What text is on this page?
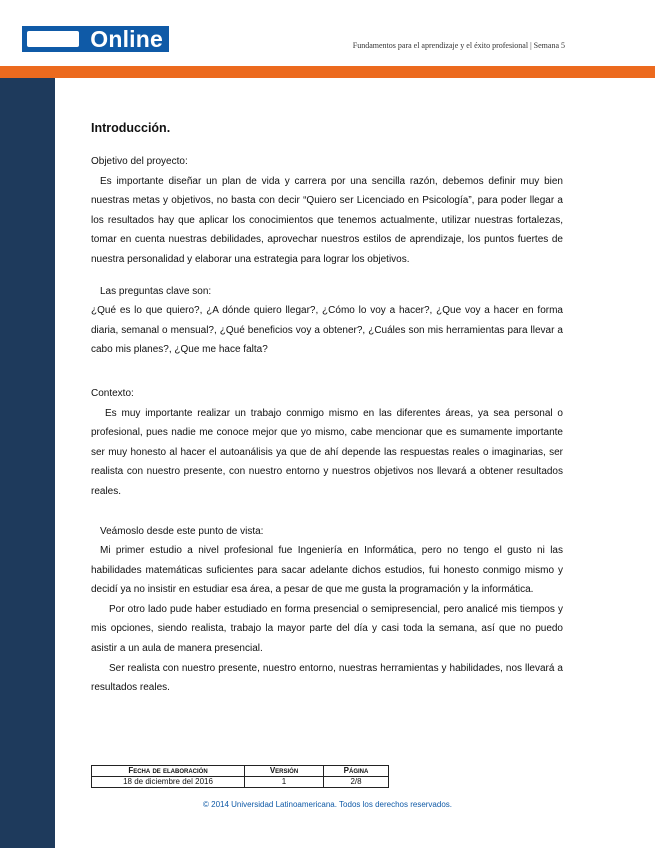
Online	Fundamentos para el aprendizaje y el éxito profesional | Semana 5
Introducción.

Objetivo del proyecto:

Es importante diseñar un plan de vida y carrera por una sencilla razón, debemos definir muy bien nuestras metas y objetivos, no basta con decir “Quiero ser Licenciado en Psicología”, para poder llegar a los resultados hay que aplicar los conocimientos que tenemos actualmente, utilizar nuestras fortalezas, tomar en cuenta nuestras debilidades, aprovechar nuestros estilos de aprendizaje, los puntos fuertes de nuestra personalidad y elaborar una estrategia para lograr los objetivos.

Las preguntas clave son:

¿Qué es lo que quiero?, ¿A dónde quiero llegar?, ¿Cómo lo voy a hacer?, ¿Que voy a hacer en forma diaria, semanal o mensual?, ¿Qué beneficios voy a obtener?, ¿Cuáles son mis herramientas para llevar a cabo mis planes?, ¿Que me hace falta?

Contexto:

Es muy importante realizar un trabajo conmigo mismo en las diferentes áreas, ya sea personal o profesional, pues nadie me conoce mejor que yo mismo, cabe mencionar que es sumamente importante ser muy honesto al hacer el autoanálisis ya que de ahí depende las respuestas reales o imaginarias, ser realista con nuestro presente, con nuestro entorno y nuestros objetivos nos llevará a obtener resultados reales.

Veámoslo desde este punto de vista:

Mi primer estudio a nivel profesional fue Ingeniería en Informática, pero no tengo el gusto ni las habilidades matemáticas suficientes para sacar adelante dichos estudios, fui honesto conmigo mismo y decidí ya no insistir en estudiar esa área, a pesar de que me gusta la programación y la informática.

Por otro lado pude haber estudiado en forma presencial o semipresencial, pero analicé mis tiempos y mis opciones, siendo realista, trabajo la mayor parte del día y casi toda la semana, así que no puedo asistir a un aula de manera presencial.

Ser realista con nuestro presente, nuestro entorno, nuestras herramientas y habilidades, nos llevará a resultados reales.

Fecha de elaboración	Versión	Página
18 de diciembre del 2016	1	2/8
© 2014 Universidad Latinoamericana. Todos los derechos reservados.
